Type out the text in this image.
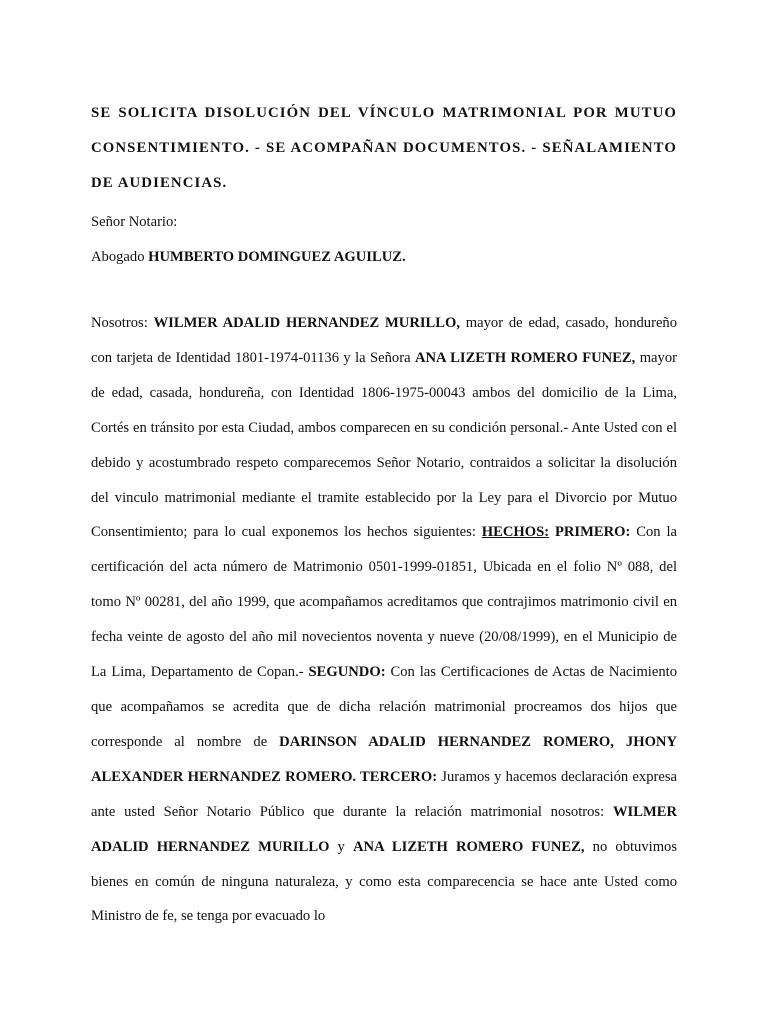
SE SOLICITA DISOLUCIÓN DEL VÍNCULO MATRIMONIAL POR MUTUO CONSENTIMIENTO. - SE ACOMPAÑAN DOCUMENTOS. - SEÑALAMIENTO DE AUDIENCIAS.
Señor Notario:
Abogado HUMBERTO DOMINGUEZ AGUILUZ.
Nosotros: WILMER ADALID HERNANDEZ MURILLO, mayor de edad, casado, hondureño con tarjeta de Identidad 1801-1974-01136 y la Señora ANA LIZETH ROMERO FUNEZ, mayor de edad, casada, hondureña, con Identidad 1806-1975-00043 ambos del domicilio de la Lima, Cortés en tránsito por esta Ciudad, ambos comparecen en su condición personal.- Ante Usted con el debido y acostumbrado respeto comparecemos Señor Notario, contraidos a solicitar la disolución del vinculo matrimonial mediante el tramite establecido por la Ley para el Divorcio por Mutuo Consentimiento; para lo cual exponemos los hechos siguientes: HECHOS: PRIMERO: Con la certificación del acta número de Matrimonio 0501-1999-01851, Ubicada en el folio Nº 088, del tomo Nº 00281, del año 1999, que acompañamos acreditamos que contrajimos matrimonio civil en fecha veinte de agosto del año mil novecientos noventa y nueve (20/08/1999), en el Municipio de La Lima, Departamento de Copan.- SEGUNDO: Con las Certificaciones de Actas de Nacimiento que acompañamos se acredita que de dicha relación matrimonial procreamos dos hijos que corresponde al nombre de DARINSON ADALID HERNANDEZ ROMERO, JHONY ALEXANDER HERNANDEZ ROMERO. TERCERO: Juramos y hacemos declaración expresa ante usted Señor Notario Público que durante la relación matrimonial nosotros: WILMER ADALID HERNANDEZ MURILLO y ANA LIZETH ROMERO FUNEZ, no obtuvimos bienes en común de ninguna naturaleza, y como esta comparecencia se hace ante Usted como Ministro de fe, se tenga por evacuado lo
